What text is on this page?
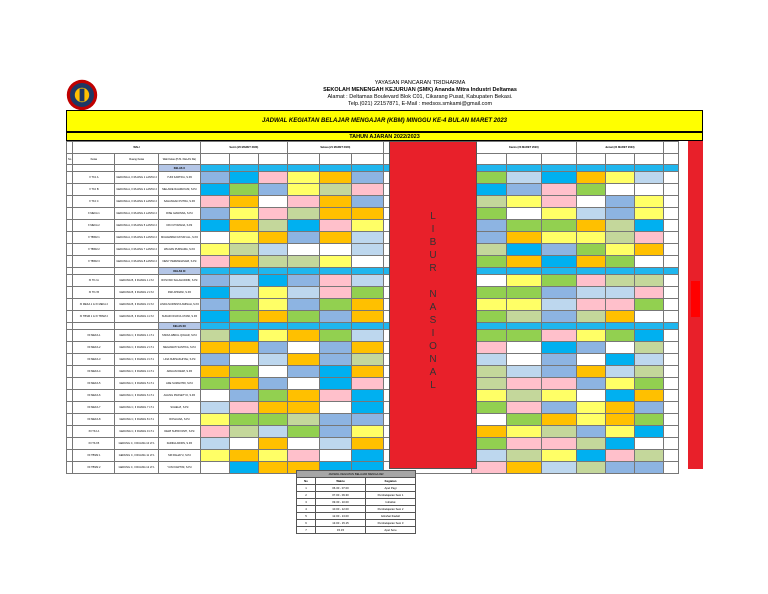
YAYASAN PANCARAN TRIDHARMA
SEKOLAH MENENGAH KEJURUAN (SMK) Ananda Mitra Industri Deltamas
Alamat : Deltamas Boulevard Blok C01, Cikarang Pusat, Kabupaten Bekasi.
Telp.(021) 22157871, E-Mail : medsos.smkami@gmail.com
JADWAL KEGIATAN BELAJAR MENGAJAR (KBM) MINGGU KE-4 BULAN MARET 2023
TAHUN AJARAN 2022/2023
	WALI			Senin (20 MARET 2023)			Selasa (21 MARET 2023)				Kamis (23 MARET 2023)			Jumat (24 MARET 2023)			
No	Kelas	Ruang Kelas	Wali Kelas (PJS. KELAS KE)														
			KELAS X														
	X TKJ A	GEDUNG A, II RUANG 1 LANTAI 2	YUNI KARTIKA, S.Pd														
	X TKJ B	GEDUNG A, II RUANG 2 LANTAI 2	MELANIE RAHMAYANI, S.Pd														
	X TKJ C	GEDUNG A, II RUANG 3 LANTAI 2	SAHANGAN PUTRA, S.Pd														
	X MEKA 1	GEDUNG A, II RUANG 4 LANTAI 2	RISE GIANINNA, S.Pd														
	X MEKA 2	GEDUNG A, II RUANG 5 LANTAI 2	DIKI UTOMANA, S.Pd														
	X TBSM 1	GEDUNG A, II RUANG 6 LANTAI 2	MUHAMMAD FATUR ALL, S.Pd														
	X TBSM 2	GEDUNG A, II RUANG 7 LANTAI 2	WILDAN PURNAMA, S.Pd														
	X TBSM 3	GEDUNG A, II RUANG 8 LANTAI 2	NENY PERMANASARI, S.Pd														
			KELAS XI														
	XI TKJ A	GEDUNG B, II RUANG 1 LT.2	ROSYADI SALAHUDDIN, S.Pd														
	XI TKJ B	GEDUNG B, II RUANG 2 LT.2	DWI APRIANI, S.Pd														
	XI MEKA 1 & XI MEKA 2	GEDUNG B, II RUANG 3 LT.2	LINDA NURSINTA AMINAH, S.Pd														
	XI TBSM 1 & XI TBSM 2	GEDUNG B, II RUANG 4 LT.2	SUDARI WIJAYA UTAMI, S.Pd														
			KELAS XII														
	XII MEKA 1	GEDUNG C, II RUANG 1 LT.1	SISIKA ABDUL QOHAR, S.Pd														
	XII MEKA 2	GEDUNG C, II RUANG 2 LT.1	MEGAWATI SANTIKA, S.Pd														
	XII MEKA 3	GEDUNG C, II RUANG 3 LT.1	LINA NURSAKHITAH, S.Pd														
	XII MEKA 4	GEDUNG C, II RUANG 4 LT.1	AIRLIANI DEWI, S.Pd														
	XII MEKA 5	GEDUNG C, II RUANG 5 LT.1	ADE SUMANTRI, S.Pd														
	XII MEKA 6	GEDUNG C, II RUANG 6 LT.1	AGUNG PRASETYO, S.Pd														
	XII MEKA 7	GEDUNG C, II RUANG 7 LT.1	SUHELVI, S.Pd														
	XII MEKA 8	GEDUNG C, II RUANG 8 LT.1	ROSLIANA, S.Pd														
	XII TKJ A	GEDUNG C, II RUANG 9 LT.1	DEWI SUPRIYANTI, S.Pd														
	XII TKJ B	GEDUNG C, II RUANG 10 LT.1	FARIDA ARIFIN, S.Pd														
	XII TBSM 1	GEDUNG C, II RUANG 11 LT.1	SRI RAHAYU, S.Pd														
	XII TBSM 2	GEDUNG C, II RUANG 12 LT.1	YUNI KARTINI, S.Pd														
L
I
B
U
R

N
A
S
I
O
N
A
L
JADWAL KEGIATAN BELAJAR MENGAJAR		
No	Waktu	Kegiatan
1	06.30 - 07.00	Apel Pagi
2	07.00 - 09.30	Pembelajaran Sesi 1
3	09.30 - 10.00	Istirahat
4	10.00 - 12.00	Pembelajaran Sesi 2
5	12.00 - 13.00	Istirahat Ibadah
6	13.00 - 15.15	Pembelajaran Sesi 3
7	15.15	Apel Sore
